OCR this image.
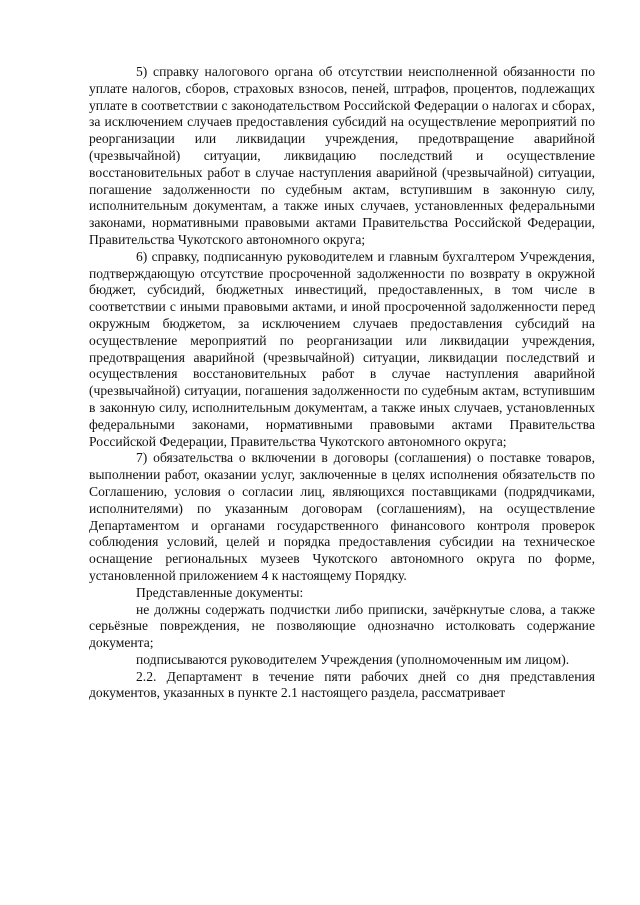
5) справку налогового органа об отсутствии неисполненной обязанности по уплате налогов, сборов, страховых взносов, пеней, штрафов, процентов, подлежащих уплате в соответствии с законодательством Российской Федерации о налогах и сборах, за исключением случаев предоставления субсидий на осуществление мероприятий по реорганизации или ликвидации учреждения, предотвращение аварийной (чрезвычайной) ситуации, ликвидацию последствий и осуществление восстановительных работ в случае наступления аварийной (чрезвычайной) ситуации, погашение задолженности по судебным актам, вступившим в законную силу, исполнительным документам, а также иных случаев, установленных федеральными законами, нормативными правовыми актами Правительства Российской Федерации, Правительства Чукотского автономного округа;

6) справку, подписанную руководителем и главным бухгалтером Учреждения, подтверждающую отсутствие просроченной задолженности по возврату в окружной бюджет, субсидий, бюджетных инвестиций, предоставленных, в том числе в соответствии с иными правовыми актами, и иной просроченной задолженности перед окружным бюджетом, за исключением случаев предоставления субсидий на осуществление мероприятий по реорганизации или ликвидации учреждения, предотвращения аварийной (чрезвычайной) ситуации, ликвидации последствий и осуществления восстановительных работ в случае наступления аварийной (чрезвычайной) ситуации, погашения задолженности по судебным актам, вступившим в законную силу, исполнительным документам, а также иных случаев, установленных федеральными законами, нормативными правовыми актами Правительства Российской Федерации, Правительства Чукотского автономного округа;

7) обязательства о включении в договоры (соглашения) о поставке товаров, выполнении работ, оказании услуг, заключенные в целях исполнения обязательств по Соглашению, условия о согласии лиц, являющихся поставщиками (подрядчиками, исполнителями) по указанным договорам (соглашениям), на осуществление Департаментом и органами государственного финансового контроля проверок соблюдения условий, целей и порядка предоставления субсидии на техническое оснащение региональных музеев Чукотского автономного округа по форме, установленной приложением 4 к настоящему Порядку.

Представленные документы:

не должны содержать подчистки либо приписки, зачёркнутые слова, а также серьёзные повреждения, не позволяющие однозначно истолковать содержание документа;

подписываются руководителем Учреждения (уполномоченным им лицом).

2.2. Департамент в течение пяти рабочих дней со дня представления документов, указанных в пункте 2.1 настоящего раздела, рассматривает
